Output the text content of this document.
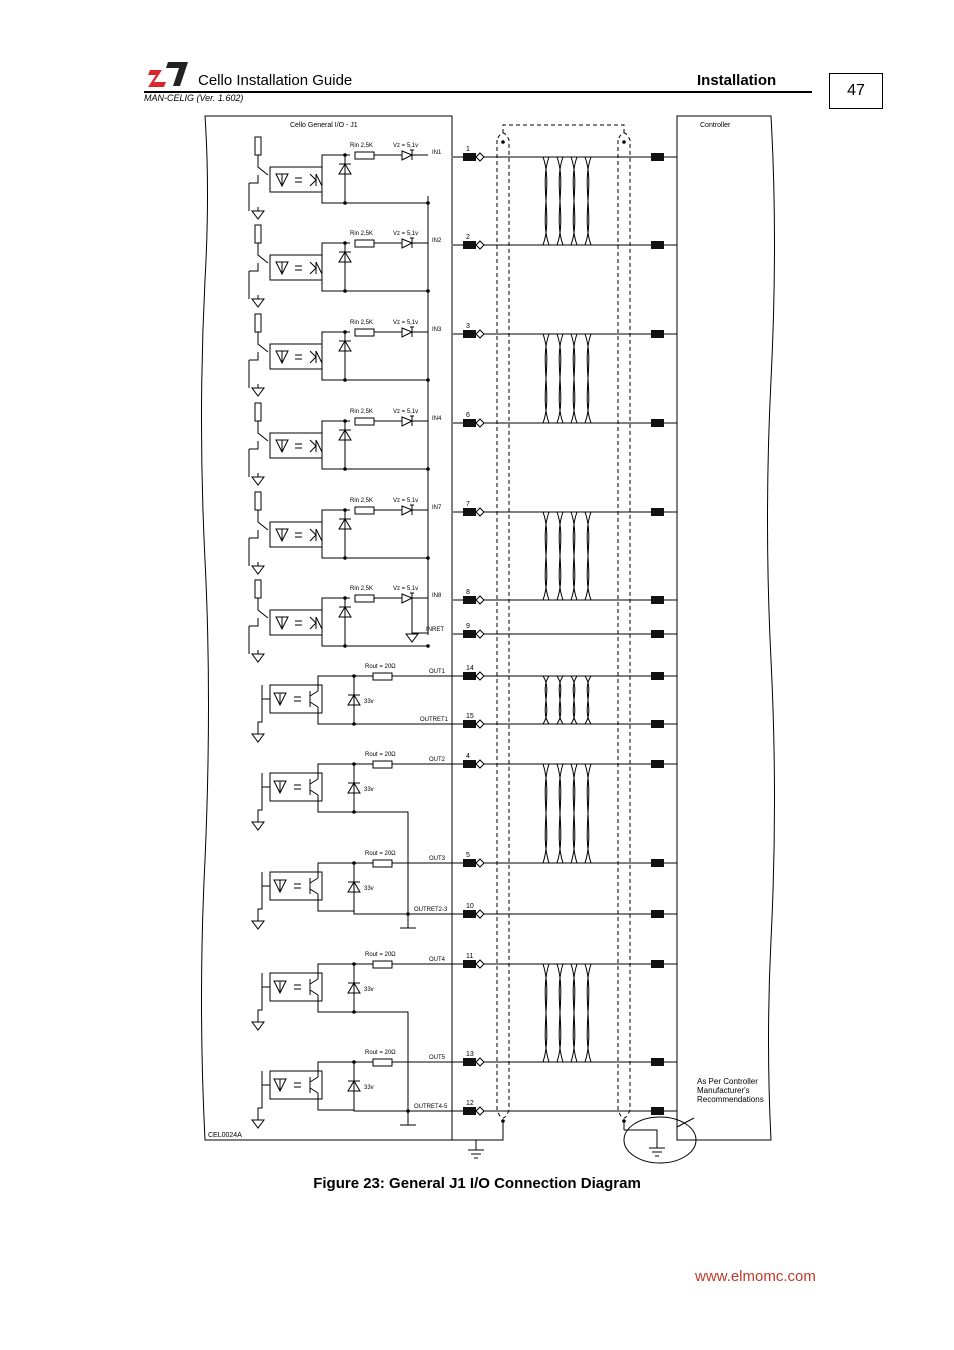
Cello Installation Guide	Installation
MAN-CELIG (Ver. 1.602)	47
Rin 2,5K	Vz = 5,1v	1
IN1
Rin 2,5K	Vz = 5,1v	2
IN2
Rin 2,5K	Vz = 5,1v	3
IN3
Rin 2,5K	Vz = 5,1v	6
IN4
Rin 2,5K	Vz = 5,1v	7
IN7
Rin 2,5K	Vz = 5,1v	8
IN8
9
INRET
Rout = 20Ω
33v
14
OUT1
15
OUTRET1
Rout = 20Ω
33v
4
OUT2
Rout = 20Ω
33v
5
OUT3
10
OUTRET2-3
Rout = 20Ω
33v
11
OUT4
Rout = 20Ω
33v
13
OUT5
12
OUTRET4-5
Cello General I/O - J1	Controller
CEL0024A
As Per Controller
Manufacturer's
Recommendations
Figure 23: General J1 I/O Connection Diagram
www.elmomc.com
